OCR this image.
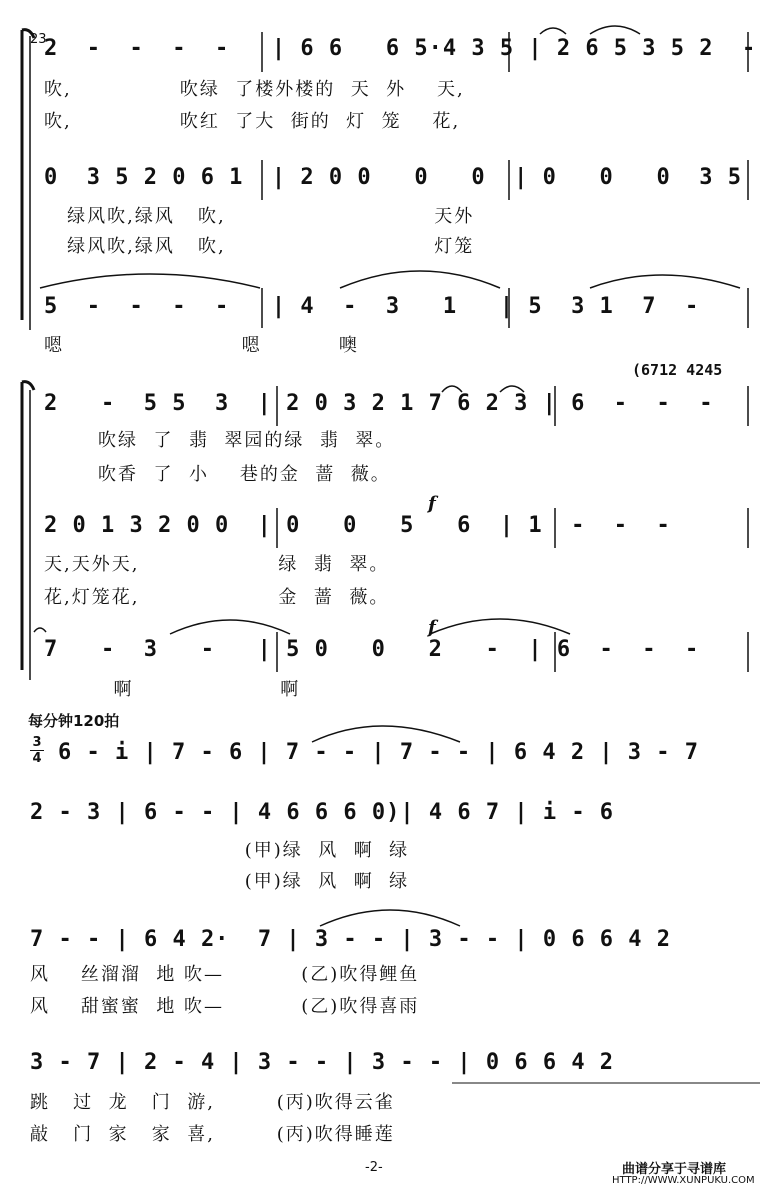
23
2  -  -  -  -   | 6 6   6 5·4 3 5 | 2 6 5 3 5 2  -
吹,              吹绿  了楼外楼的  天  外    天,
吹,              吹红  了大  街的  灯  笼    花,
0  3 5 2 0 6 1  | 2 0 0   0   0  | 0   0   0  3 5
绿风吹,绿风   吹,                           天外
绿风吹,绿风   吹,                           灯笼
5  -  -  -  -   | 4  -  3   1   | 5  3 1  7  -
嗯                       嗯          噢
(6712 4245
2   -  5 5  3  | 2 0 3 2 1 7 6 2 3 | 6  -  -  -
吹绿  了  翡  翠园的绿  翡  翠。
吹香  了  小    巷的金  蔷  薇。
f
2 0 1 3 2 0 0  | 0   0   5   6  | 1  -  -  -
天,天外天,                  绿  翡  翠。
花,灯笼花,                  金  蔷  薇。
f
7   -  3   -   | 5 0   0   2   -  | 6  -  -  -
啊                   啊
每分钟120拍
3
4 6 - i | 7 - 6 | 7 - - | 7 - - | 6 4 2 | 3 - 7
2 - 3 | 6 - - | 4 6 6 6 0)| 4 6 7 | i - 6
(甲)绿  风  啊  绿
(甲)绿  风  啊  绿
7 - - | 6 4 2·  7 | 3 - - | 3 - - | 0 6 6 4 2
风    丝溜溜  地 吹—          (乙)吹得鲤鱼
风    甜蜜蜜  地 吹—          (乙)吹得喜雨
3 - 7 | 2 - 4 | 3 - - | 3 - - | 0 6 6 4 2
跳   过  龙   门  游,        (丙)吹得云雀
敲   门  家   家  喜,        (丙)吹得睡莲
-2-	曲谱分享于寻谱库
HTTP://WWW.XUNPUKU.COM
